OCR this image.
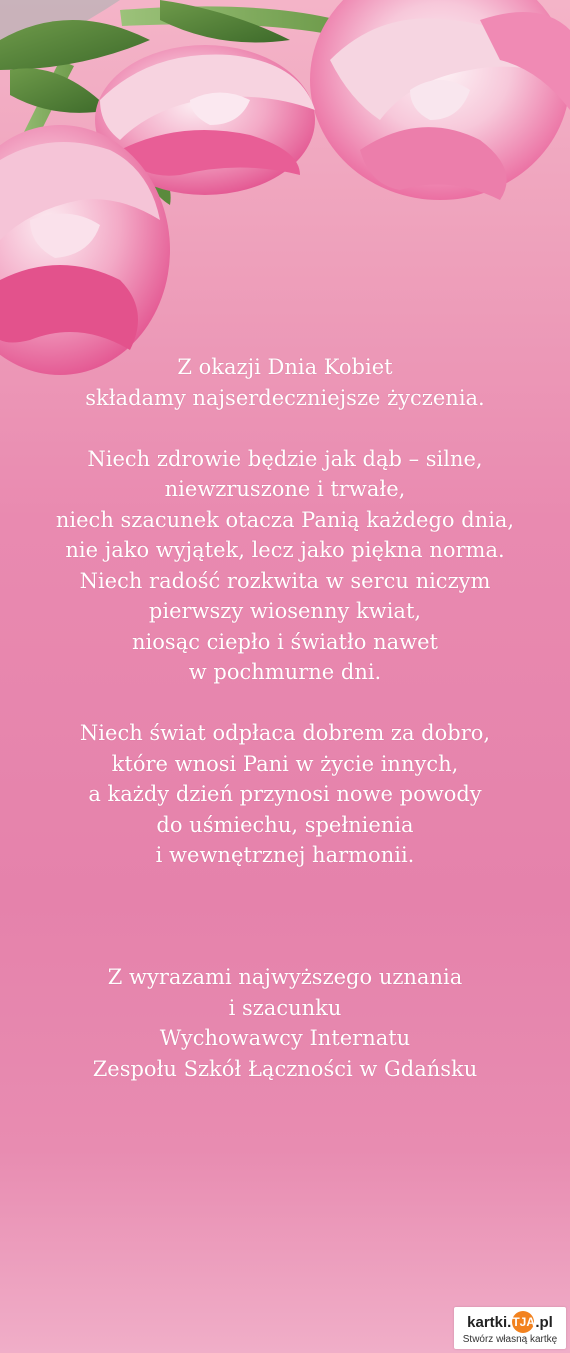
Z okazji Dnia Kobiet
składamy najserdeczniejsze życzenia.
Niech zdrowie będzie jak dąb – silne,
niewzruszone i trwałe,
niech szacunek otacza Panią każdego dnia,
nie jako wyjątek, lecz jako piękna norma.
Niech radość rozkwita w sercu niczym
pierwszy wiosenny kwiat,
niosąc ciepło i światło nawet
w pochmurne dni.
Niech świat odpłaca dobrem za dobro,
które wnosi Pani w życie innych,
a każdy dzień przynosi nowe powody
do uśmiechu, spełnienia
i wewnętrznej harmonii.
Z wyrazami najwyższego uznania
i szacunku
Wychowawcy Internatu
Zespołu Szkół Łączności w Gdańsku
kartki. TJA .pl
Stwórz własną kartkę
